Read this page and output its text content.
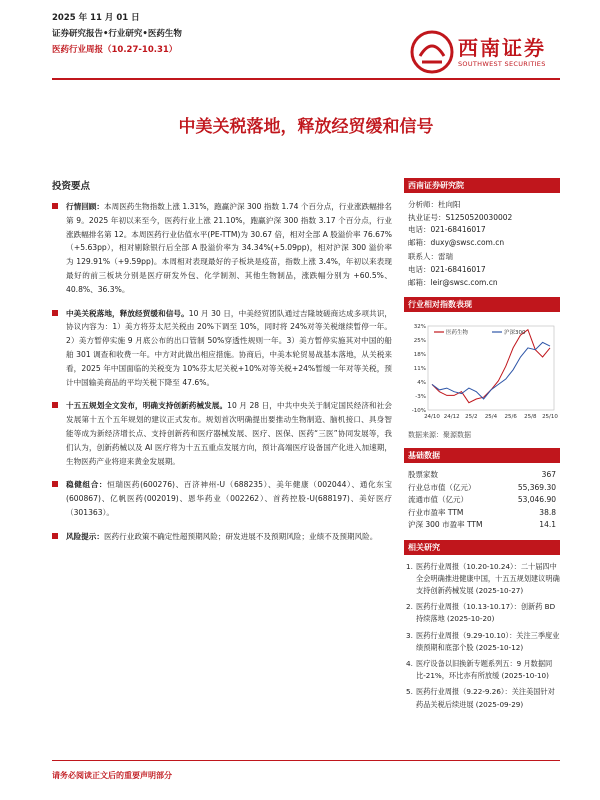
2025 年 11 月 01 日
证券研究报告•行业研究•医药生物
医药行业周报（10.27-10.31）	西南证券
SOUTHWEST SECURITIES
中美关税落地，释放经贸缓和信号
投资要点
行情回顾：本周医药生物指数上涨 1.31%，跑赢沪深 300 指数 1.74 个百分点，行业涨跌幅排名第 9。2025 年初以来至今，医药行业上涨 21.10%，跑赢沪深 300 指数 3.17 个百分点，行业涨跌幅排名第 12。本周医药行业估值水平(PE-TTM)为 30.67 倍，相对全部 A 股溢价率 76.67%（+5.63pp），相对剔除银行后全部 A 股溢价率为 34.34%(+5.09pp)，相对沪深 300 溢价率为 129.91%（+9.59pp)。本周相对表现最好的子板块是疫苗，指数上涨 3.4%，年初以来表现最好的前三板块分别是医疗研发外包、化学制剂、其他生物制品，涨跌幅分别为 +60.5%、40.8%、36.3%。
中美关税落地，释放经贸缓和信号。10 月 30 日，中美经贸团队通过吉隆坡磋商达成多项共识，协议内容为：1）美方将芬太尼关税由 20%下调至 10%，同时将 24%对等关税继续暂停一年。2）美方暂停实施 9 月底公布的出口管制 50%穿透性规则一年。3）美方暂停实施其对中国的船舶 301 调查和收费一年。中方对此做出相应措施。协商后，中美本轮贸易战基本落地，从关税来看，2025 年中国面临的关税变为 10%芬太尼关税+10%对等关税+24%暂缓一年对等关税，预计中国输美商品的平均关税下降至 47.6%。
十五五规划全文发布，明确支持创新药械发展。10 月 28 日，中共中央关于制定国民经济和社会发展第十五个五年规划的建议正式发布。规划首次明确提出要推动生物制造、脑机接口、具身智能等成为新经济增长点、支持创新药和医疗器械发展、医疗、医保、医药“三医”协同发展等，我们认为，创新药械以及 AI 医疗将为十五五重点发展方向，预计高端医疗设备国产化进入加速期，生物医药产业将迎来黄金发展期。
稳健组合：恒瑞医药(600276)、百济神州-U（688235）、美年健康（002044）、通化东宝(600867)、亿帆医药(002019)、恩华药业（002262）、首药控股-U(688197)、美好医疗（301363）。
风险提示：医药行业政策不确定性超预期风险；研发进展不及预期风险；业绩不及预期风险。
西南证券研究院
分析师：杜向阳
执业证号：S1250520030002
电话：021-68416017
邮箱：duxy@swsc.com.cn
联系人：雷瑞
电话：021-68416017
邮箱：leir@swsc.com.cn
行业相对指数表现
32%
25%
18%
11%
4%
-3%
-10%
24/10 24/12 25/2 25/4 25/6 25/8 25/10
医药生物	沪深300
数据来源：聚源数据
基础数据
股票家数	367
行业总市值（亿元）	55,369.30
流通市值（亿元）	53,046.90
行业市盈率 TTM	38.8
沪深 300 市盈率 TTM	14.1
相关研究
1. 医药行业周报（10.20-10.24）：二十届四中全会明确推进健康中国，十五五规划建议明确支持创新药械发展 (2025-10-27)
2. 医药行业周报（10.13-10.17）：创新药 BD 持续落地 (2025-10-20)
3. 医药行业周报（9.29-10.10）：关注三季度业绩预期和底部个股 (2025-10-12)
4. 医疗设备以旧换新专题系列五：9 月数据同比-21%，环比亦有所放缓 (2025-10-10)
5. 医药行业周报（9.22-9.26）：关注美国针对药品关税后续进展 (2025-09-29)
请务必阅读正文后的重要声明部分
